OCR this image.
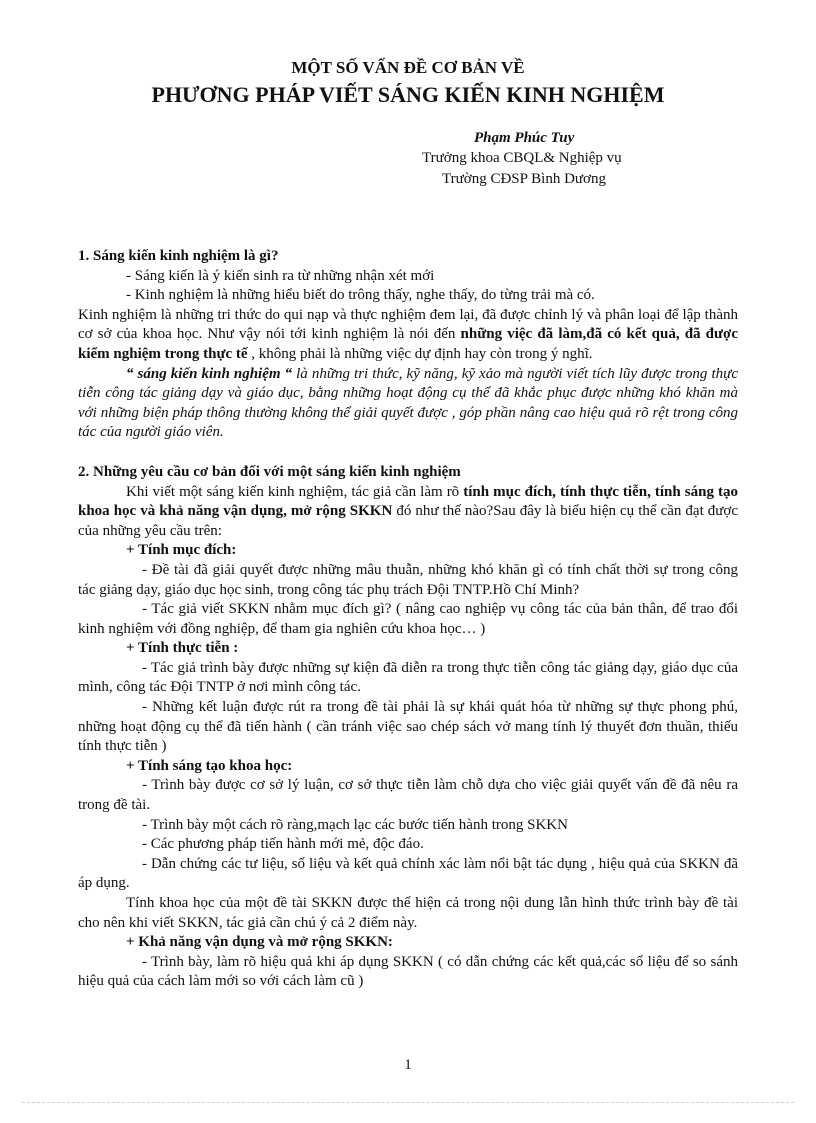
MỘT SỐ VẤN ĐỀ CƠ BẢN VỀ
PHƯƠNG PHÁP VIẾT SÁNG KIẾN KINH NGHIỆM
Phạm Phúc Tuy
Trưởng khoa CBQL& Nghiệp vụ
Trường CĐSP Bình Dương

1. Sáng kiến kinh nghiệm là gì?

- Sáng kiến là ý kiến sinh ra từ những nhận xét mới

- Kinh nghiệm là những hiểu biết do trông thấy, nghe thấy, do từng trải mà có.

Kinh nghiệm là những tri thức do qui nạp và thực nghiệm đem lại, đã được chỉnh lý và phân loại để lập thành cơ sở của khoa học. Như vậy nói tới kinh nghiệm là nói đến những việc đã làm,đã có kết quả, đã được kiểm nghiệm trong thực tế , không phải là những việc dự định hay còn trong ý nghĩ.

“ sáng kiến kinh nghiệm “ là những tri thức, kỹ năng, kỹ xảo mà người viết tích lũy được trong thực tiễn công tác giảng dạy và giáo dục, bằng những hoạt động cụ thể đã khắc phục được những khó khăn mà với những biện pháp thông thường không thể giải quyết được , góp phần nâng cao hiệu quả rõ rệt trong công tác của người giáo viên.

2. Những yêu cầu cơ bản đối với một sáng kiến kinh nghiệm

Khi viết một sáng kiến kinh nghiệm, tác giả cần làm rõ tính mục đích, tính thực tiễn, tính sáng tạo khoa học và khả năng vận dụng, mở rộng SKKN đó như thế nào?Sau đây là biểu hiện cụ thể cần đạt được của những yêu cầu trên:

+ Tính mục đích:

- Đề tài đã giải quyết được những mâu thuẫn, những khó khăn gì có tính chất thời sự trong công tác giảng dạy, giáo dục học sinh, trong công tác phụ trách Đội TNTP.Hồ Chí Minh?

- Tác giả viết SKKN nhằm mục đích gì? ( nâng cao nghiệp vụ công tác của bản thân, để trao đổi kinh nghiệm với đồng nghiệp, để tham gia nghiên cứu khoa học… )

+ Tính thực tiễn :

- Tác giả trình bày được những sự kiện đã diễn ra trong thực tiễn công tác giảng dạy, giáo dục của mình, công tác Đội TNTP ở nơi mình công tác.

- Những kết luận được rút ra trong đề tài phải là sự khái quát hóa từ những sự thực phong phú, những hoạt động cụ thể đã tiến hành ( cần tránh việc sao chép sách vở mang tính lý thuyết đơn thuần, thiếu tính thực tiễn )

+ Tính sáng tạo khoa học:

- Trình bày được cơ sở lý luận, cơ sở thực tiễn làm chỗ dựa cho việc giải quyết vấn đề đã nêu ra trong đề tài.

- Trình bày một cách rõ ràng,mạch lạc các bước tiến hành trong SKKN

- Các phương pháp tiến hành mới mẻ, độc đáo.

- Dẫn chứng các tư liệu, số liệu và kết quả chính xác làm nổi bật tác dụng , hiệu quả của SKKN đã áp dụng.

Tính khoa học của một đề tài SKKN được thể hiện cả trong nội dung lẫn hình thức trình bày đề tài cho nên khi viết SKKN, tác giả cần chú ý cả 2 điểm này.

+ Khả năng vận dụng và mở rộng SKKN:

- Trình bày, làm rõ hiệu quả khi áp dụng SKKN ( có dẫn chứng các kết quả,các số liệu để so sánh hiệu quả của cách làm mới so với cách làm cũ )

1
